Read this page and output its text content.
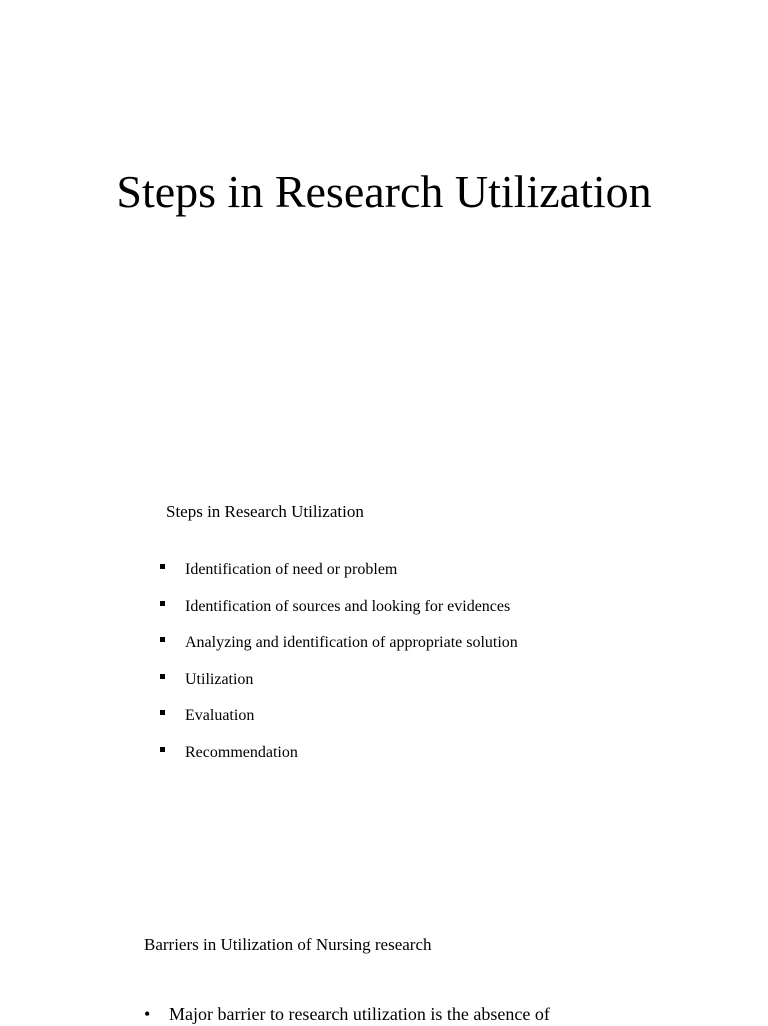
Steps in Research Utilization
Steps in Research Utilization
Identification of need or problem
Identification of sources and looking for evidences
Analyzing and identification of appropriate solution
Utilization
Evaluation
Recommendation
Barriers in Utilization of Nursing research
• Major barrier to research utilization is the absence of
